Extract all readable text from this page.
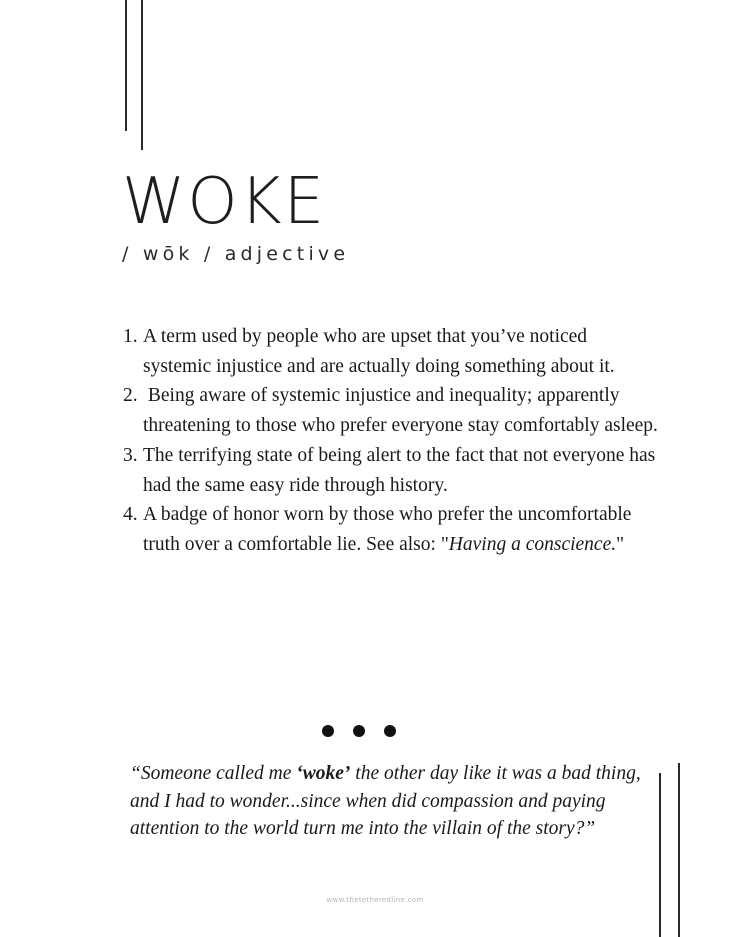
WOKE
/ wōk / adjective
1. A term used by people who are upset that you’ve noticed systemic injustice and are actually doing something about it.
2. Being aware of systemic injustice and inequality; apparently threatening to those who prefer everyone stay comfortably asleep.
3. The terrifying state of being alert to the fact that not everyone has had the same easy ride through history.
4. A badge of honor worn by those who prefer the uncomfortable truth over a comfortable lie. See also: "Having a conscience."

“Someone called me ‘woke’ the other day like it was a bad thing, and I had to wonder...since when did compassion and paying attention to the world turn me into the villain of the story?”

www.thetetheredline.com
